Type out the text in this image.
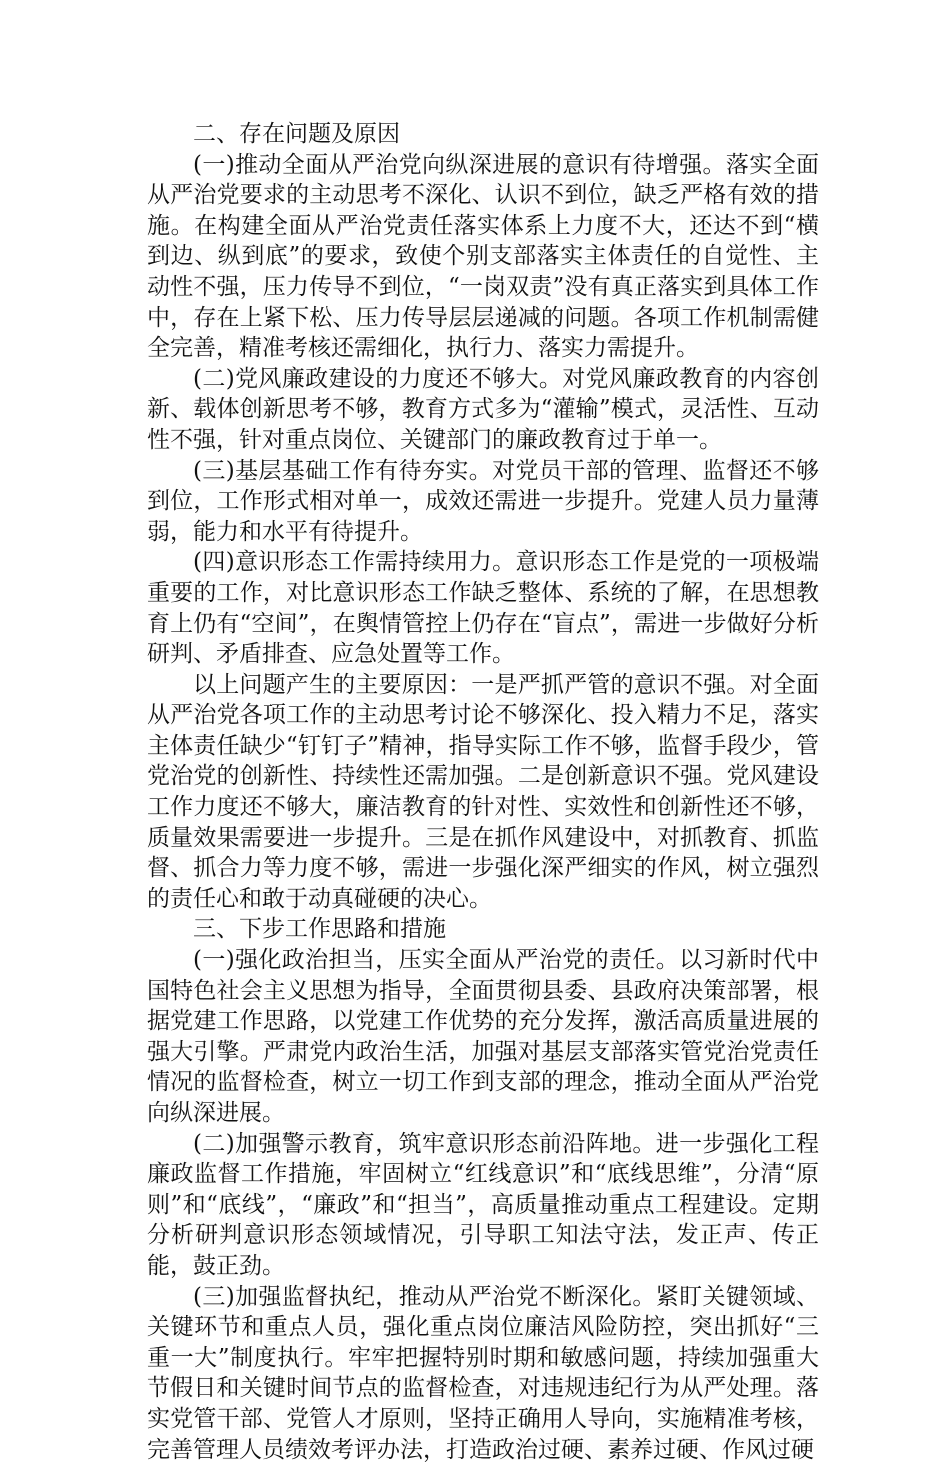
二、存在问题及原因

(一)推动全面从严治党向纵深进展的意识有待增强。落实全面从严治党要求的主动思考不深化、认识不到位，缺乏严格有效的措施。在构建全面从严治党责任落实体系上力度不大，还达不到“横到边、纵到底”的要求，致使个别支部落实主体责任的自觉性、主动性不强，压力传导不到位，“一岗双责”没有真正落实到具体工作中，存在上紧下松、压力传导层层递减的问题。各项工作机制需健全完善，精准考核还需细化，执行力、落实力需提升。

(二)党风廉政建设的力度还不够大。对党风廉政教育的内容创新、载体创新思考不够，教育方式多为“灌输”模式，灵活性、互动性不强，针对重点岗位、关键部门的廉政教育过于单一。

(三)基层基础工作有待夯实。对党员干部的管理、监督还不够到位，工作形式相对单一，成效还需进一步提升。党建人员力量薄弱，能力和水平有待提升。

(四)意识形态工作需持续用力。意识形态工作是党的一项极端重要的工作，对比意识形态工作缺乏整体、系统的了解，在思想教育上仍有“空间”，在舆情管控上仍存在“盲点”，需进一步做好分析研判、矛盾排查、应急处置等工作。

以上问题产生的主要原因：一是严抓严管的意识不强。对全面从严治党各项工作的主动思考讨论不够深化、投入精力不足，落实主体责任缺少“钉钉子”精神，指导实际工作不够，监督手段少，管党治党的创新性、持续性还需加强。二是创新意识不强。党风建设工作力度还不够大，廉洁教育的针对性、实效性和创新性还不够，质量效果需要进一步提升。三是在抓作风建设中，对抓教育、抓监督、抓合力等力度不够，需进一步强化深严细实的作风，树立强烈的责任心和敢于动真碰硬的决心。

三、下步工作思路和措施

(一)强化政治担当，压实全面从严治党的责任。以习新时代中国特色社会主义思想为指导，全面贯彻县委、县政府决策部署，根据党建工作思路，以党建工作优势的充分发挥，激活高质量进展的强大引擎。严肃党内政治生活，加强对基层支部落实管党治党责任情况的监督检查，树立一切工作到支部的理念，推动全面从严治党向纵深进展。

(二)加强警示教育，筑牢意识形态前沿阵地。进一步强化工程廉政监督工作措施，牢固树立“红线意识”和“底线思维”，分清“原则”和“底线”，“廉政”和“担当”，高质量推动重点工程建设。定期分析研判意识形态领域情况，引导职工知法守法，发正声、传正能，鼓正劲。

(三)加强监督执纪，推动从严治党不断深化。紧盯关键领域、关键环节和重点人员，强化重点岗位廉洁风险防控，突出抓好“三重一大”制度执行。牢牢把握特别时期和敏感问题，持续加强重大节假日和关键时间节点的监督检查，对违规违纪行为从严处理。落实党管干部、党管人才原则，坚持正确用人导向，实施精准考核，完善管理人员绩效考评办法，打造政治过硬、素养过硬、作风过硬
